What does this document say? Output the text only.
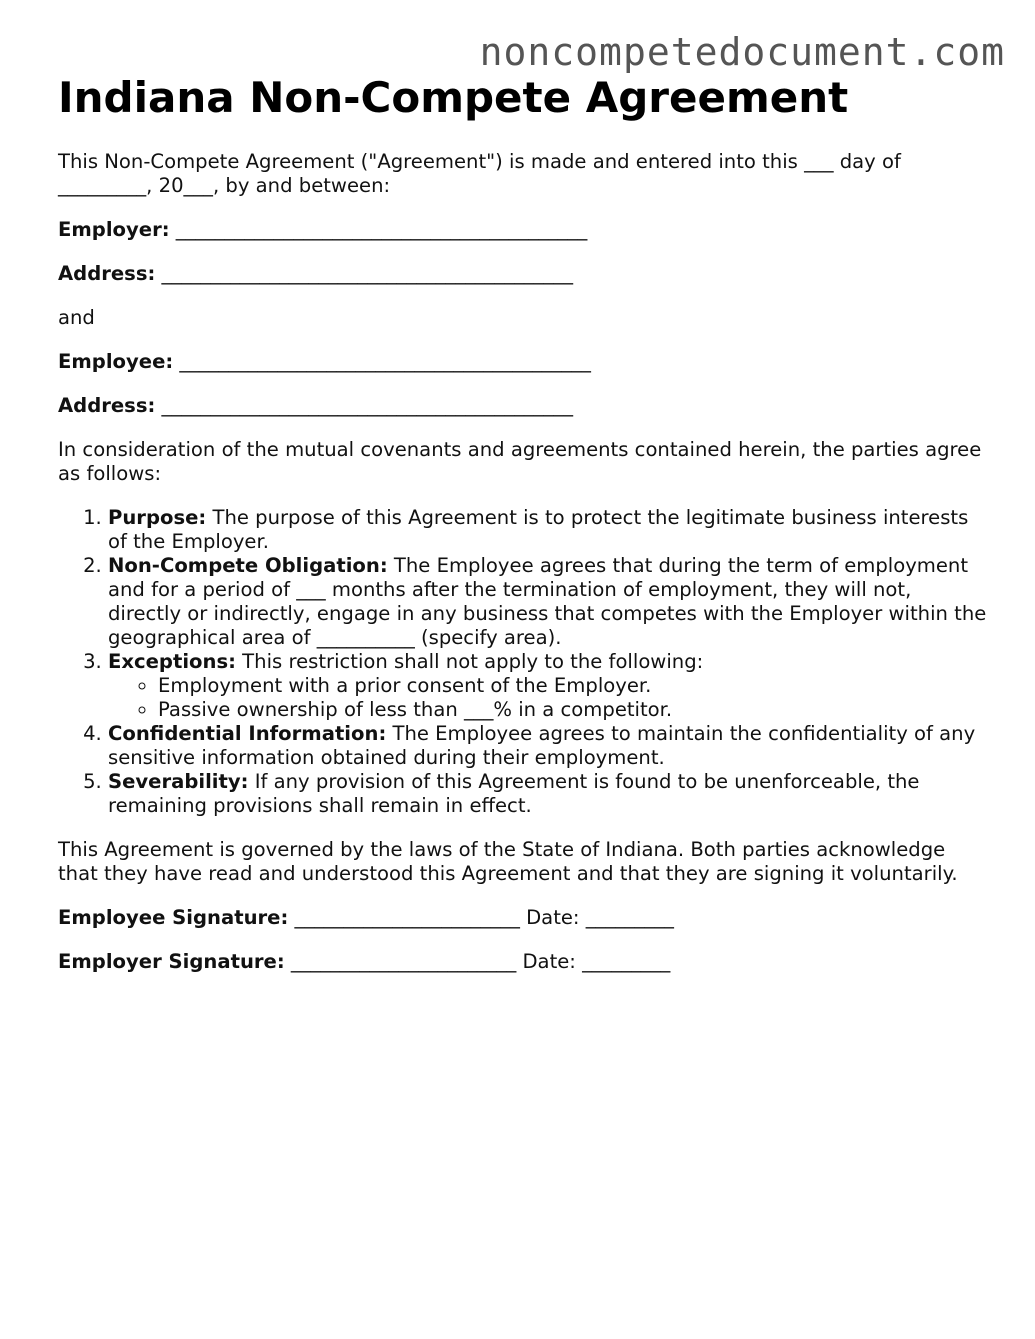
noncompetedocument.com
Indiana Non-Compete Agreement

This Non-Compete Agreement ("Agreement") is made and entered into this ___ day of
_________, 20___, by and between:

Employer: __________________________________________

Address: __________________________________________

and

Employee: __________________________________________

Address: __________________________________________

In consideration of the mutual covenants and agreements contained herein, the parties agree as follows:

1. Purpose: The purpose of this Agreement is to protect the legitimate business interests of the Employer.
2. Non-Compete Obligation: The Employee agrees that during the term of employment and for a period of ___ months after the termination of employment, they will not, directly or indirectly, engage in any business that competes with the Employer within the geographical area of __________ (specify area).
3. Exceptions: This restriction shall not apply to the following:
◦ Employment with a prior consent of the Employer.
◦ Passive ownership of less than ___% in a competitor.
4. Confidential Information: The Employee agrees to maintain the confidentiality of any sensitive information obtained during their employment.
5. Severability: If any provision of this Agreement is found to be unenforceable, the remaining provisions shall remain in effect.

This Agreement is governed by the laws of the State of Indiana. Both parties acknowledge that they have read and understood this Agreement and that they are signing it voluntarily.

Employee Signature: _______________________ Date: _________

Employer Signature: _______________________ Date: _________
